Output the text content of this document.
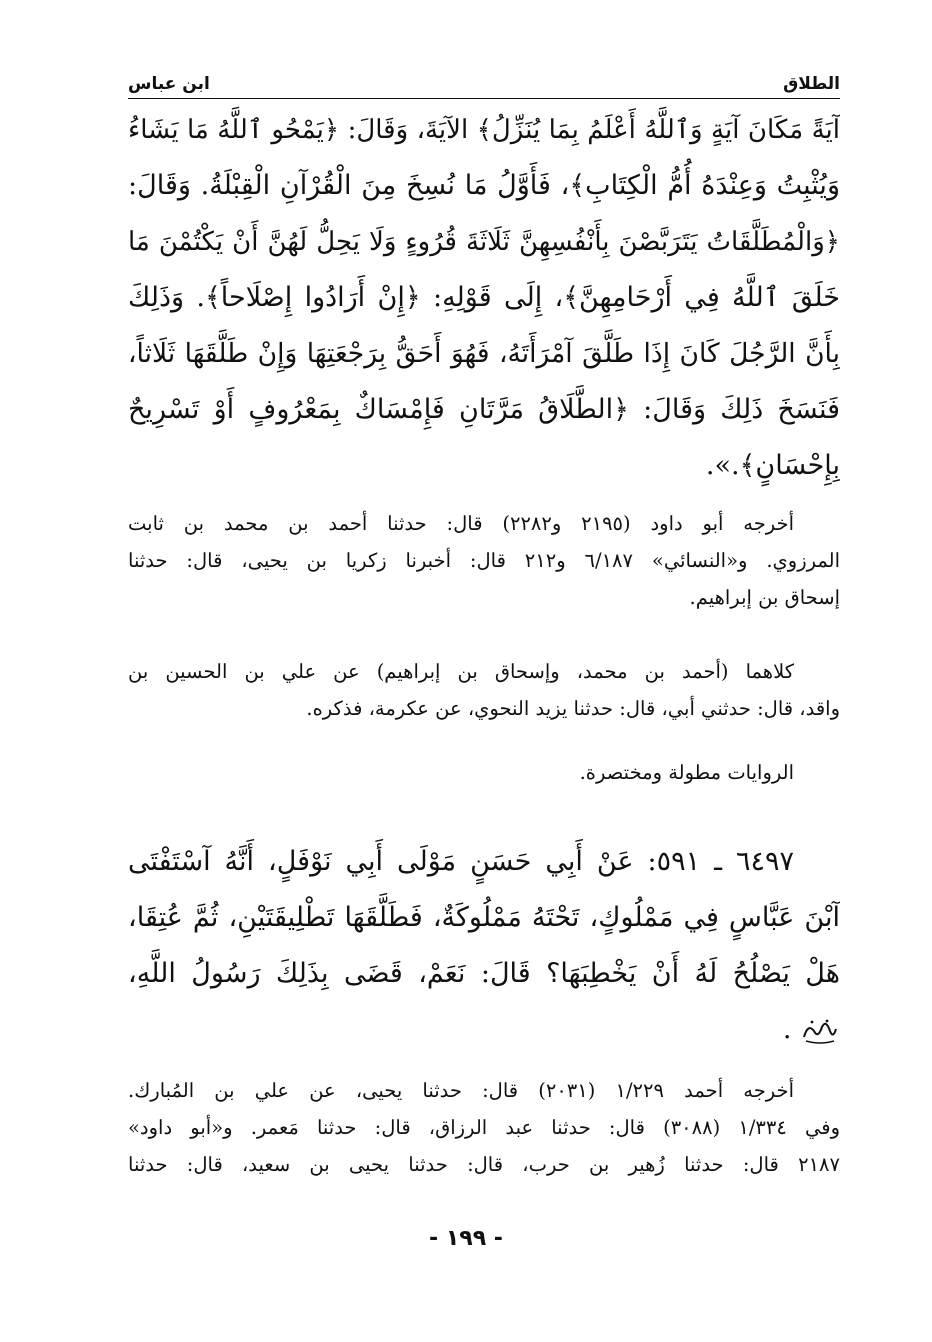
الطلاق
ابن عباس
آيَةً مَكَانَ آيَةٍ وَٱللَّهُ أَعْلَمُ بِمَا يُنَزِّلُ﴾ الآيَةَ، وَقَالَ: ﴿يَمْحُو ٱللَّهُ مَا يَشَاءُ
وَيُثْبِتُ وَعِنْدَهُ أُمُّ الْكِتَابِ﴾، فَأَوَّلُ مَا نُسِخَ مِنَ الْقُرْآنِ الْقِبْلَةُ. وَقَالَ:
﴿وَالْمُطَلَّقَاتُ يَتَرَبَّصْنَ بِأَنْفُسِهِنَّ ثَلَاثَةَ قُرُوءٍ وَلَا يَحِلُّ لَهُنَّ أَنْ يَكْتُمْنَ مَا
خَلَقَ ٱللَّهُ فِي أَرْحَامِهِنَّ﴾، إِلَى قَوْلِهِ: ﴿إِنْ أَرَادُوا إِصْلَاحاً﴾. وَذَلِكَ
بِأَنَّ الرَّجُلَ كَانَ إِذَا طَلَّقَ آمْرَأَتَهُ، فَهُوَ أَحَقُّ بِرَجْعَتِهَا وَإِنْ طَلَّقَهَا ثَلَاثاً،
فَنَسَخَ ذَلِكَ وَقَالَ: ﴿الطَّلَاقُ مَرَّتَانِ فَإِمْسَاكٌ بِمَعْرُوفٍ أَوْ تَسْرِيحٌ
بِإِحْسَانٍ﴾.».
أخرجه أبو داود (٢١٩٥ و٢٢٨٢) قال: حدثنا أحمد بن محمد بن ثابت
المرزوي. و«النسائي» ٦/١٨٧ و٢١٢ قال: أخبرنا زكريا بن يحيى، قال: حدثنا
إسحاق بن إبراهيم.
كلاهما (أحمد بن محمد، وإسحاق بن إبراهيم) عن علي بن الحسين بن
واقد، قال: حدثني أبي، قال: حدثنا يزيد النحوي، عن عكرمة، فذكره.
الروايات مطولة ومختصرة.
٦٤٩٧ ـ ٥٩١: عَنْ أَبِي حَسَنٍ مَوْلَى أَبِي نَوْفَلٍ، أَنَّهُ آسْتَفْتَى
آبْنَ عَبَّاسٍ فِي مَمْلُوكٍ، تَحْتَهُ مَمْلُوكَةٌ، فَطَلَّقَهَا تَطْلِيقَتَيْنِ، ثُمَّ عُتِقَا،
هَلْ يَصْلُحُ لَهُ أَنْ يَخْطِبَهَا؟ قَالَ: نَعَمْ، قَضَى بِذَلِكَ رَسُولُ اللَّهِ،
.
أخرجه أحمد ١/٢٢٩ (٢٠٣١) قال: حدثنا يحيى، عن علي بن المُبارك.
وفي ١/٣٣٤ (٣٠٨٨) قال: حدثنا عبد الرزاق، قال: حدثنا مَعمر. و«أبو داود»
٢١٨٧ قال: حدثنا زُهير بن حرب، قال: حدثنا يحيى بن سعيد، قال: حدثنا
- ١٩٩ -
